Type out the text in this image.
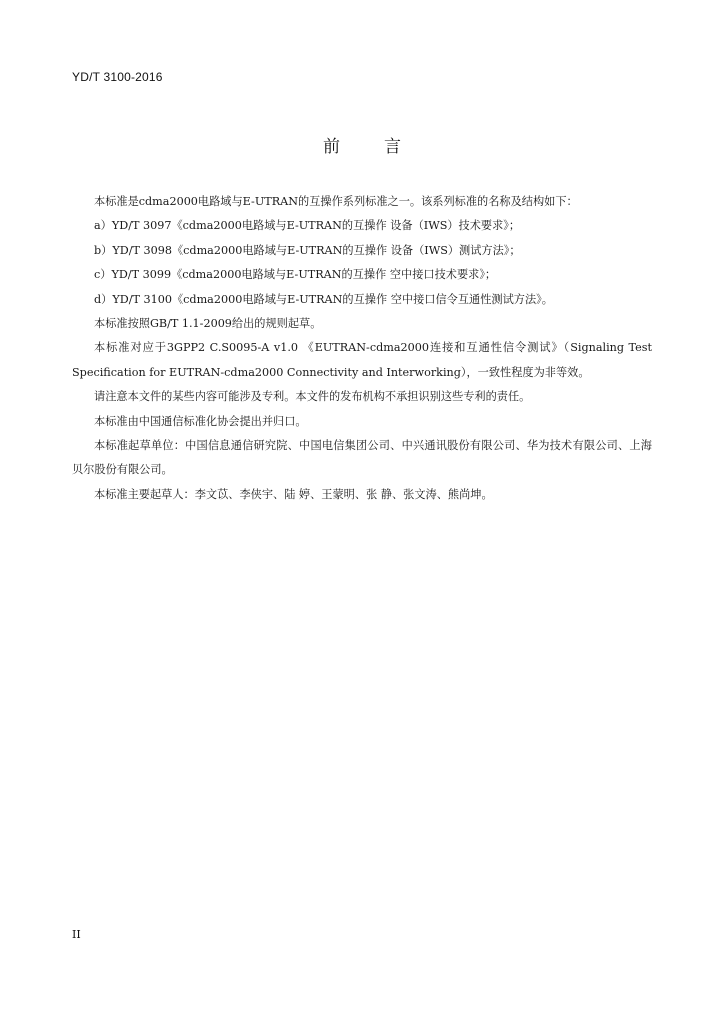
YD/T 3100-2016
前	言

本标准是cdma2000电路域与E-UTRAN的互操作系列标准之一。该系列标准的名称及结构如下：

a）YD/T 3097《cdma2000电路域与E-UTRAN的互操作 设备（IWS）技术要求》；

b）YD/T 3098《cdma2000电路域与E-UTRAN的互操作 设备（IWS）测试方法》；

c）YD/T 3099《cdma2000电路域与E-UTRAN的互操作 空中接口技术要求》；

d）YD/T 3100《cdma2000电路域与E-UTRAN的互操作 空中接口信令互通性测试方法》。

本标准按照GB/T 1.1-2009给出的规则起草。

本标准对应于3GPP2 C.S0095-A v1.0 《EUTRAN-cdma2000连接和互通性信令测试》（Signaling Test Specification for EUTRAN-cdma2000 Connectivity and Interworking），一致性程度为非等效。

请注意本文件的某些内容可能涉及专利。本文件的发布机构不承担识别这些专利的责任。

本标准由中国通信标准化协会提出并归口。

本标准起草单位：中国信息通信研究院、中国电信集团公司、中兴通讯股份有限公司、华为技术有限公司、上海贝尔股份有限公司。

本标准主要起草人：李文苡、李侠宇、陆 婷、王蒙明、张 静、张文涛、熊尚坤。

II
